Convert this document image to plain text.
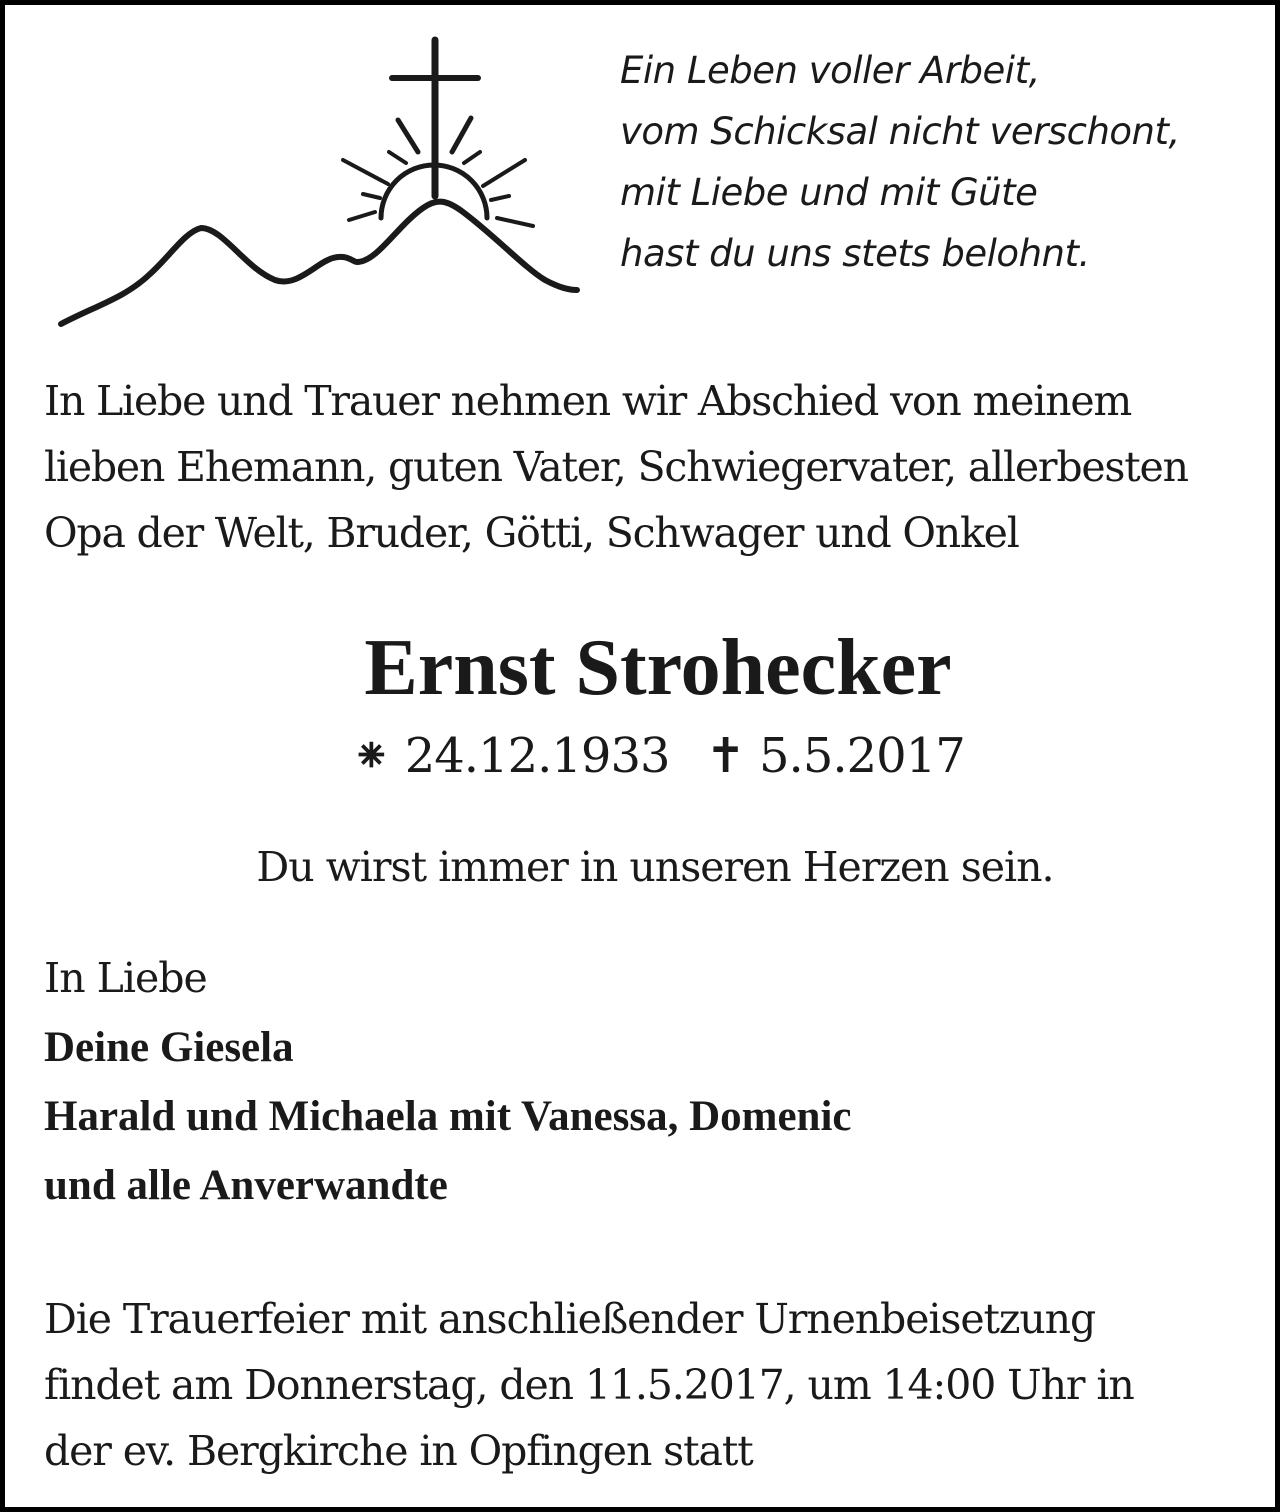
Ein Leben voller Arbeit,
vom Schicksal nicht verschont,
mit Liebe und mit Güte
hast du uns stets belohnt.
In Liebe und Trauer nehmen wir Abschied von meinem
lieben Ehemann, guten Vater, Schwiegervater, allerbesten
Opa der Welt, Bruder, Götti, Schwager und Onkel
Ernst Strohecker
⁕ 24.12.1933 ✝ 5.5.2017
Du wirst immer in unseren Herzen sein.
In Liebe
Deine Giesela
Harald und Michaela mit Vanessa, Domenic
und alle Anverwandte
Die Trauerfeier mit anschließender Urnenbeisetzung
findet am Donnerstag, den 11.5.2017, um 14:00 Uhr in
der ev. Bergkirche in Opfingen statt
